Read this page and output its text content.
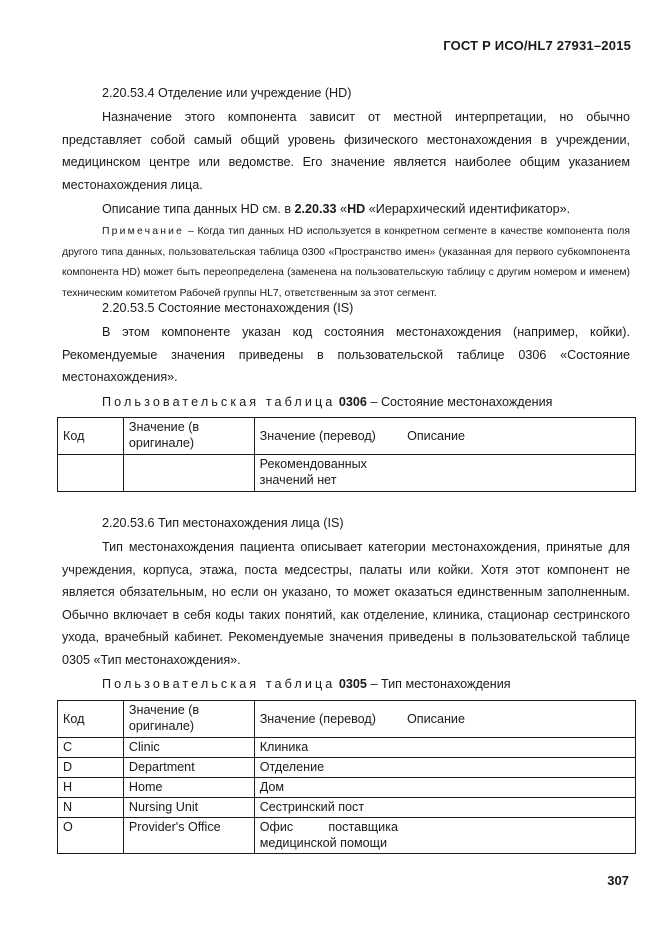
ГОСТ Р ИСО/HL7 27931–2015
2.20.53.4 Отделение или учреждение (HD)
Назначение этого компонента зависит от местной интерпретации, но обычно представляет собой самый общий уровень физического местонахождения в учреждении, медицинском центре или ведомстве. Его значение является наиболее общим указанием местонахождения лица.
Описание типа данных HD см. в 2.20.33 «HD «Иерархический идентификатор».
Примечание – Когда тип данных HD используется в конкретном сегменте в качестве компонента поля другого типа данных, пользовательская таблица 0300 «Пространство имен» (указанная для первого субкомпонента компонента HD) может быть переопределена (заменена на пользовательскую таблицу с другим номером и именем) техническим комитетом Рабочей группы HL7, ответственным за этот сегмент.
2.20.53.5 Состояние местонахождения (IS)
В этом компоненте указан код состояния местонахождения (например, койки). Рекомендуемые значения приведены в пользовательской таблице 0306 «Состояние местонахождения».
Пользовательская таблица 0306 – Состояние местонахождения
Код	Значение (в оригинале)	Значение (перевод)	Описание
		Рекомендованных значений нет	
2.20.53.6 Тип местонахождения лица (IS)
Тип местонахождения пациента описывает категории местонахождения, принятые для учреждения, корпуса, этажа, поста медсестры, палаты или койки. Хотя этот компонент не является обязательным, но если он указано, то может оказаться единственным заполненным. Обычно включает в себя коды таких понятий, как отделение, клиника, стационар сестринского ухода, врачебный кабинет. Рекомендуемые значения приведены в пользовательской таблице 0305 «Тип местонахождения».
Пользовательская таблица 0305 – Тип местонахождения
Код	Значение (в оригинале)	Значение (перевод)	Описание
C	Clinic	Клиника	
D	Department	Отделение	
H	Home	Дом	
N	Nursing Unit	Сестринский пост	
O	Provider's Office	Офис поставщика медицинской помощи	
307
